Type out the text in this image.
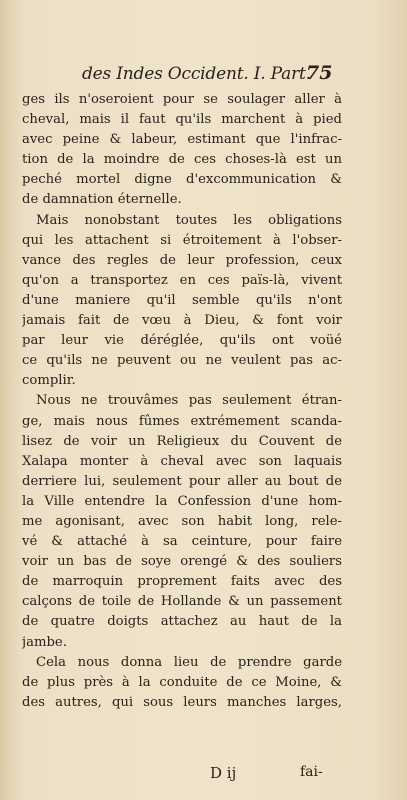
des Indes Occident. I. Part.
75
ges ils n'oseroient pour se soulager aller à
cheval, mais il faut qu'ils marchent à pied
avec peine & labeur, estimant que l'infrac-
tion de la moindre de ces choses-là est un
peché mortel digne d'excommunication &
de damnation éternelle.
Mais nonobstant toutes les obligations
qui les attachent si étroitement à l'obser-
vance des regles de leur profession, ceux
qu'on a transportez en ces païs-là, vivent
d'une maniere qu'il semble qu'ils n'ont
jamais fait de vœu à Dieu, & font voir
par leur vie déréglée, qu'ils ont voüé
ce qu'ils ne peuvent ou ne veulent pas ac-
complir.
Nous ne trouvâmes pas seulement étran-
ge, mais nous fûmes extrémement scanda-
lisez de voir un Religieux du Couvent de
Xalapa monter à cheval avec son laquais
derriere lui, seulement pour aller au bout de
la Ville entendre la Confession d'une hom-
me agonisant, avec son habit long, rele-
vé & attaché à sa ceinture, pour faire
voir un bas de soye orengé & des souliers
de marroquin proprement faits avec des
calçons de toile de Hollande & un passement
de quatre doigts attachez au haut de la
jambe.
Cela nous donna lieu de prendre garde
de plus près à la conduite de ce Moine, &
des autres, qui sous leurs manches larges,
D ij	fai-
